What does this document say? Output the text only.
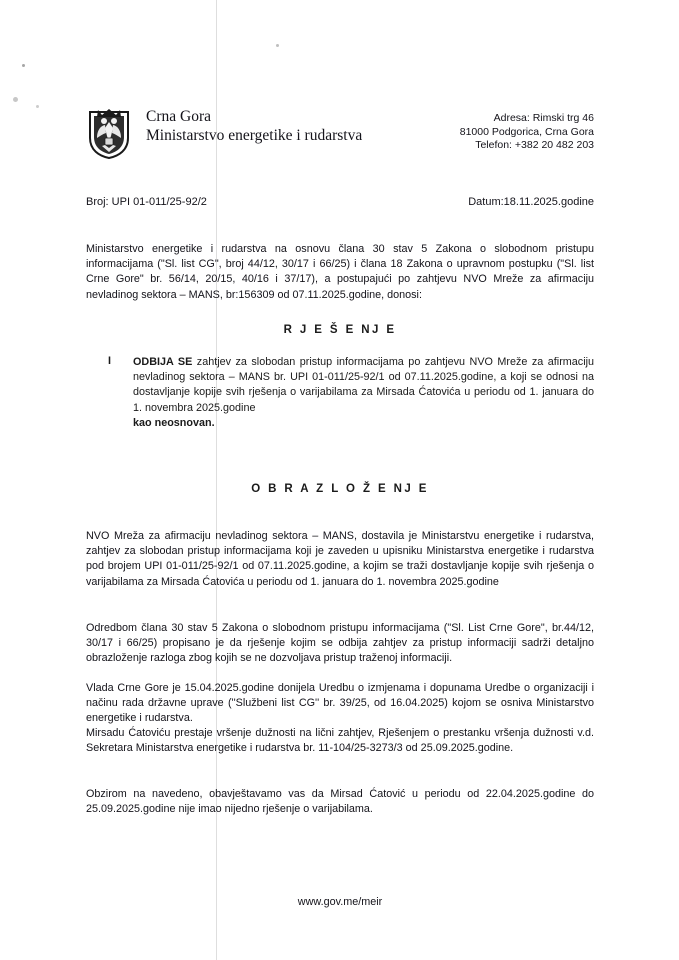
Crna Gora
Ministarstvo energetike i rudarstva
Adresa: Rimski trg 46
81000 Podgorica, Crna Gora
Telefon: +382 20 482 203
Broj: UPI 01-011/25-92/2	Datum:18.11.2025.godine
Ministarstvo energetike i rudarstva na osnovu člana 30 stav 5 Zakona o slobodnom pristupu informacijama ("Sl. list CG", broj 44/12, 30/17 i 66/25) i člana 18 Zakona o upravnom postupku ("Sl. list Crne Gore" br. 56/14, 20/15, 40/16 i 37/17), a postupajući po zahtjevu NVO Mreže za afirmaciju nevladinog sektora – MANS, br:156309 od 07.11.2025.godine, donosi:
R J E Š E NJ E
I ODBIJA SE zahtjev za slobodan pristup informacijama po zahtjevu NVO Mreže za afirmaciju nevladinog sektora – MANS br. UPI 01-011/25-92/1 od 07.11.2025.godine, a koji se odnosi na dostavljanje kopije svih rješenja o varijabilama za Mirsada Ćatovića u periodu od 1. januara do 1. novembra 2025.godine
kao neosnovan.
O B R A Z L O Ž E NJ E
NVO Mreža za afirmaciju nevladinog sektora – MANS, dostavila je Ministarstvu energetike i rudarstva, zahtjev za slobodan pristup informacijama koji je zaveden u upisniku Ministarstva energetike i rudarstva pod brojem UPI 01-011/25-92/1 od 07.11.2025.godine, a kojim se traži dostavljanje kopije svih rješenja o varijabilama za Mirsada Ćatovića u periodu od 1. januara do 1. novembra 2025.godine
Odredbom člana 30 stav 5 Zakona o slobodnom pristupu informacijama ("Sl. List Crne Gore", br.44/12, 30/17 i 66/25) propisano je da rješenje kojim se odbija zahtjev za pristup informaciji sadrži detaljno obrazloženje razloga zbog kojih se ne dozvoljava pristup traženoj informaciji.
Vlada Crne Gore je 15.04.2025.godine donijela Uredbu o izmjenama i dopunama Uredbe o organizaciji i načinu rada državne uprave (''Službeni list CG'' br. 39/25, od 16.04.2025) kojom se osniva Ministarstvo energetike i rudarstva.
Mirsadu Ćatoviću prestaje vršenje dužnosti na lični zahtjev, Rješenjem o prestanku vršenja dužnosti v.d. Sekretara Ministarstva energetike i rudarstva br. 11-104/25-3273/3 od 25.09.2025.godine.
Obzirom na navedeno, obavještavamo vas da Mirsad Ćatović u periodu od 22.04.2025.godine do 25.09.2025.godine nije imao nijedno rješenje o varijabilama.
www.gov.me/meir
